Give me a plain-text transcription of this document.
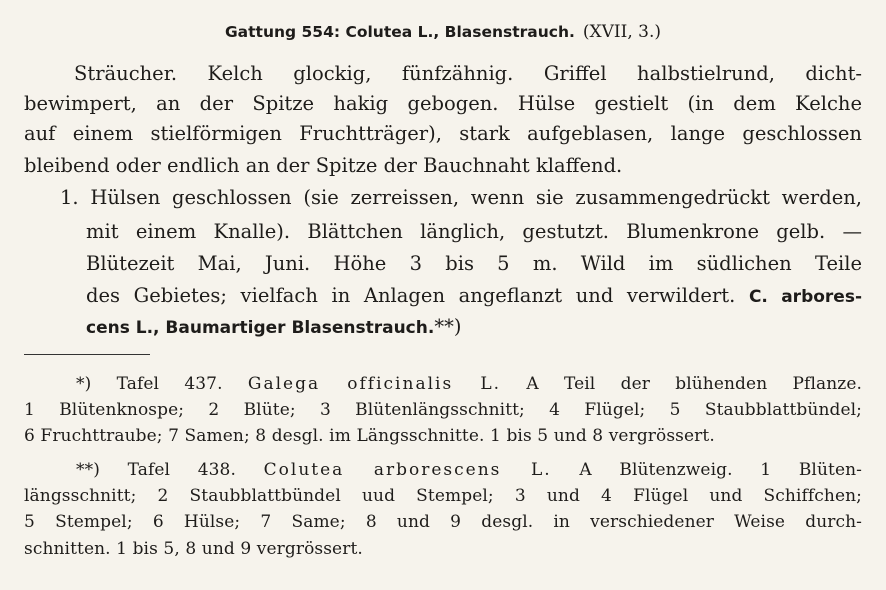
Gattung 554: Colutea L., Blasenstrauch. (XVII, 3.)
Sträucher. Kelch glockig, fünfzähnig. Griffel halbstielrund, dicht-
bewimpert, an der Spitze hakig gebogen. Hülse gestielt (in dem Kelche
auf einem stielförmigen Fruchtträger), stark aufgeblasen, lange geschlossen
bleibend oder endlich an der Spitze der Bauchnaht klaffend.
1. Hülsen geschlossen (sie zerreissen, wenn sie zusammengedrückt werden,
mit einem Knalle). Blättchen länglich, gestutzt. Blumenkrone gelb. —
Blütezeit Mai, Juni. Höhe 3 bis 5 m. Wild im südlichen Teile
des Gebietes; vielfach in Anlagen angeflanzt und verwildert. C. arbores-
cens L., Baumartiger Blasenstrauch.**)
*) Tafel 437. Galega officinalis L. A Teil der blühenden Pflanze.
1 Blütenknospe; 2 Blüte; 3 Blütenlängsschnitt; 4 Flügel; 5 Staubblattbündel;
6 Fruchttraube; 7 Samen; 8 desgl. im Längsschnitte. 1 bis 5 und 8 vergrössert.
**) Tafel 438. Colutea arborescens L. A Blütenzweig. 1 Blüten-
längsschnitt; 2 Staubblattbündel uud Stempel; 3 und 4 Flügel und Schiffchen;
5 Stempel; 6 Hülse; 7 Same; 8 und 9 desgl. in verschiedener Weise durch-
schnitten. 1 bis 5, 8 und 9 vergrössert.
